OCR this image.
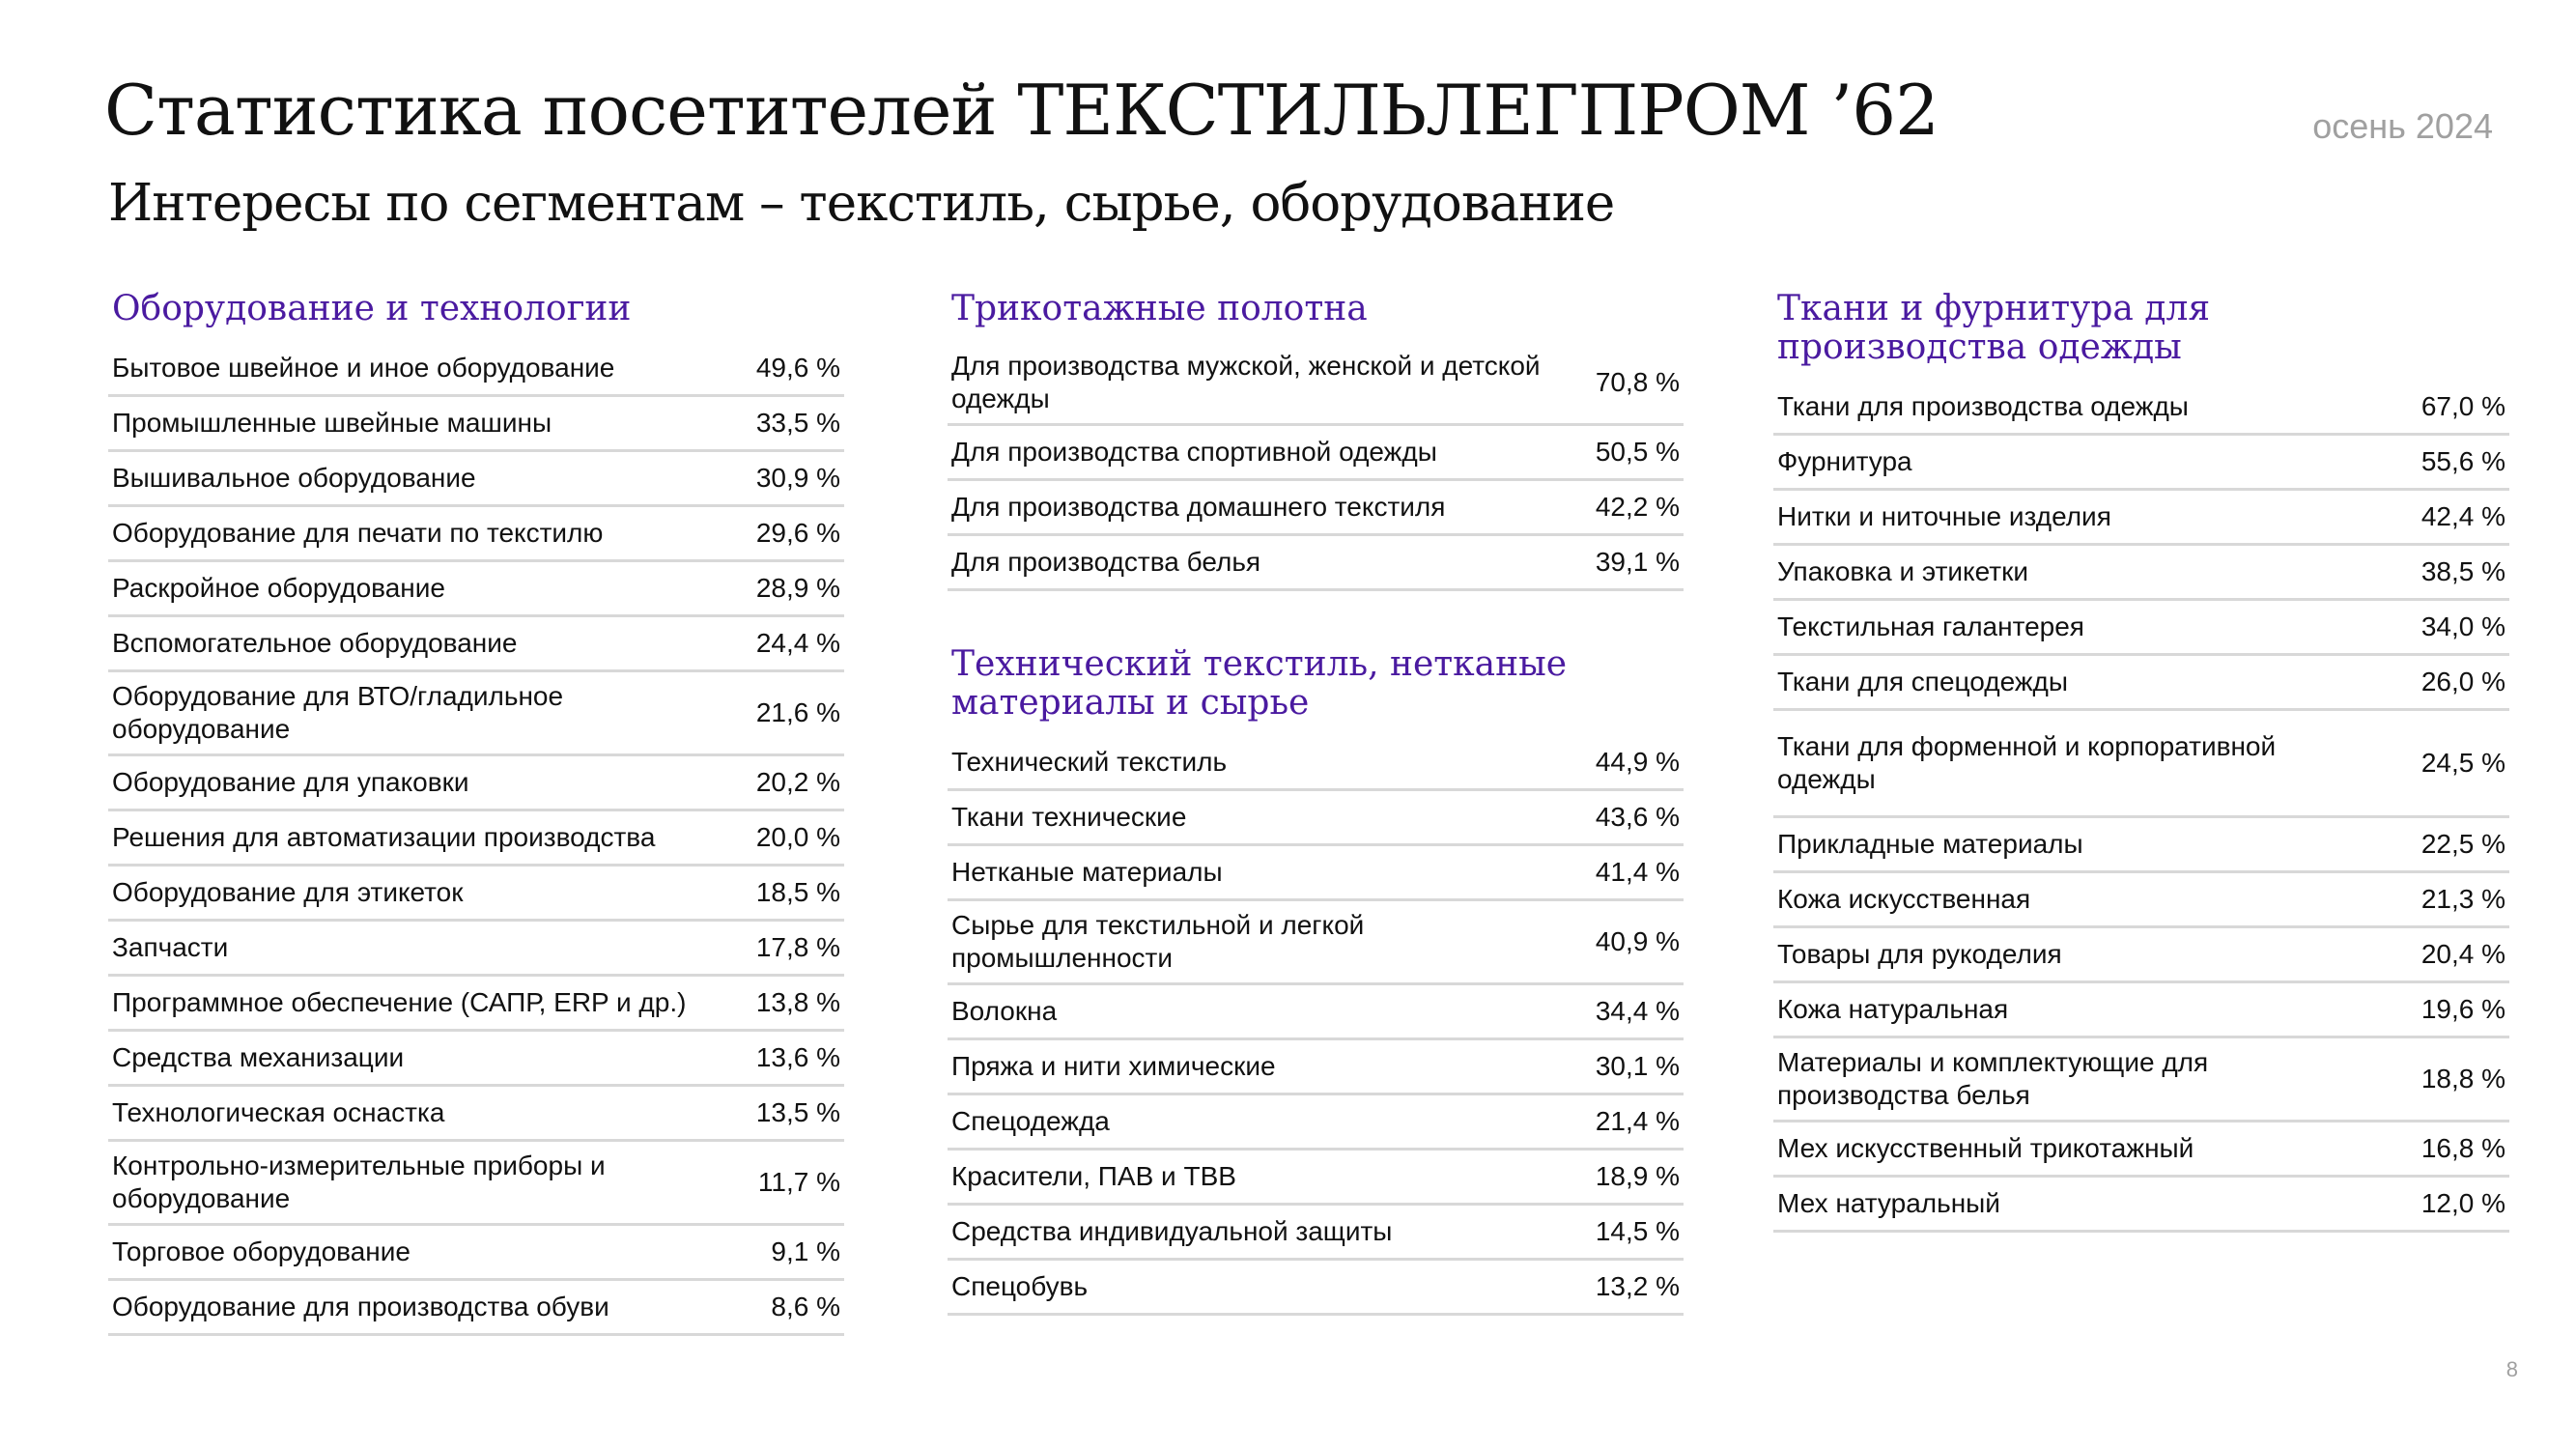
Статистика посетителей ТЕКСТИЛЬЛЕГПРОМ ’62
Интересы по сегментам – текстиль, сырье, оборудование
осень 2024
8
Оборудование и технологии
Бытовое швейное и иное оборудование	49,6 %
Промышленные швейные машины	33,5 %
Вышивальное оборудование	30,9 %
Оборудование для печати по текстилю	29,6 %
Раскройное оборудование	28,9 %
Вспомогательное оборудование	24,4 %
Оборудование для ВТО/гладильное оборудование	21,6 %
Оборудование для упаковки	20,2 %
Решения для автоматизации производства	20,0 %
Оборудование для этикеток	18,5 %
Запчасти	17,8 %
Программное обеспечение (САПР, ERP и др.)	13,8 %
Средства механизации	13,6 %
Технологическая оснастка	13,5 %
Контрольно-измерительные приборы и оборудование	11,7 %
Торговое оборудование	9,1 %
Оборудование для производства обуви	8,6 %
Трикотажные полотна
Для производства мужской, женской и детской одежды	70,8 %
Для производства спортивной одежды	50,5 %
Для производства домашнего текстиля	42,2 %
Для производства белья	39,1 %
Технический текстиль, нетканые материалы и сырье
Технический текстиль	44,9 %
Ткани технические	43,6 %
Нетканые материалы	41,4 %
Сырье для текстильной и легкой промышленности	40,9 %
Волокна	34,4 %
Пряжа и нити химические	30,1 %
Спецодежда	21,4 %
Красители, ПАВ и ТВВ	18,9 %
Средства индивидуальной защиты	14,5 %
Спецобувь	13,2 %
Ткани и фурнитура для производства одежды
Ткани для производства одежды	67,0 %
Фурнитура	55,6 %
Нитки и ниточные изделия	42,4 %
Упаковка и этикетки	38,5 %
Текстильная галантерея	34,0 %
Ткани для спецодежды	26,0 %
Ткани для форменной и корпоративной одежды	24,5 %
Прикладные материалы	22,5 %
Кожа искусственная	21,3 %
Товары для рукоделия	20,4 %
Кожа натуральная	19,6 %
Материалы и комплектующие для производства белья	18,8 %
Мех искусственный трикотажный	16,8 %
Мех натуральный	12,0 %
